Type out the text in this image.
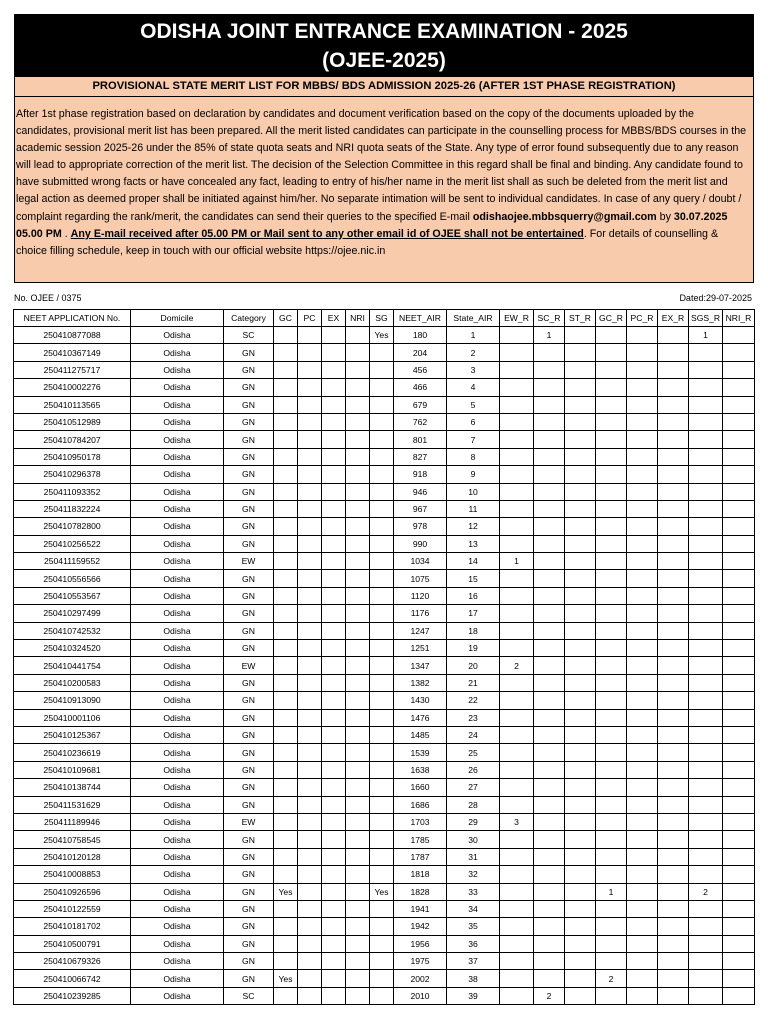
ODISHA JOINT ENTRANCE EXAMINATION - 2025
(OJEE-2025)
PROVISIONAL STATE MERIT LIST FOR MBBS/ BDS ADMISSION 2025-26 (AFTER 1ST PHASE REGISTRATION)
After 1st phase registration based on declaration by candidates and document verification based on the copy of the documents uploaded by the candidates, provisional merit list has been prepared. All the merit listed candidates can participate in the counselling process for MBBS/BDS courses in the academic session 2025-26 under the 85% of state quota seats and NRI quota seats of the State. Any type of error found subsequently due to any reason will lead to appropriate correction of the merit list. The decision of the Selection Committee in this regard shall be final and binding. Any candidate found to have submitted wrong facts or have concealed any fact, leading to entry of his/her name in the merit list shall as such be deleted from the merit list and legal action as deemed proper shall be initiated against him/her. No separate intimation will be sent to individual candidates. In case of any query / doubt / complaint regarding the rank/merit, the candidates can send their queries to the specified E-mail odishaojee.mbbsquerry@gmail.com by 30.07.2025 05.00 PM . Any E-mail received after 05.00 PM or Mail sent to any other email id of OJEE shall not be entertained. For details of counselling & choice filling schedule, keep in touch with our official website https://ojee.nic.in
No. OJEE / 0375	Dated:29-07-2025
NEET APPLICATION No.	Domicile	Category	GC	PC	EX	NRI	SG	NEET_AIR	State_AIR	EW_R	SC_R	ST_R	GC_R	PC_R	EX_R	SGS_R	NRI_R
250410877088	Odisha	SC					Yes	180	1		1					1	
250410367149	Odisha	GN						204	2								
250411275717	Odisha	GN						456	3								
250410002276	Odisha	GN						466	4								
250410113565	Odisha	GN						679	5								
250410512989	Odisha	GN						762	6								
250410784207	Odisha	GN						801	7								
250410950178	Odisha	GN						827	8								
250410296378	Odisha	GN						918	9								
250411093352	Odisha	GN						946	10								
250411832224	Odisha	GN						967	11								
250410782800	Odisha	GN						978	12								
250410256522	Odisha	GN						990	13								
250411159552	Odisha	EW						1034	14	1							
250410556566	Odisha	GN						1075	15								
250410553567	Odisha	GN						1120	16								
250410297499	Odisha	GN						1176	17								
250410742532	Odisha	GN						1247	18								
250410324520	Odisha	GN						1251	19								
250410441754	Odisha	EW						1347	20	2							
250410200583	Odisha	GN						1382	21								
250410913090	Odisha	GN						1430	22								
250410001106	Odisha	GN						1476	23								
250410125367	Odisha	GN						1485	24								
250410236619	Odisha	GN						1539	25								
250410109681	Odisha	GN						1638	26								
250410138744	Odisha	GN						1660	27								
250411531629	Odisha	GN						1686	28								
250411189946	Odisha	EW						1703	29	3							
250410758545	Odisha	GN						1785	30								
250410120128	Odisha	GN						1787	31								
250410008853	Odisha	GN						1818	32								
250410926596	Odisha	GN	Yes				Yes	1828	33				1			2	
250410122559	Odisha	GN						1941	34								
250410181702	Odisha	GN						1942	35								
250410500791	Odisha	GN						1956	36								
250410679326	Odisha	GN						1975	37								
250410066742	Odisha	GN	Yes					2002	38				2				
250410239285	Odisha	SC						2010	39		2						
